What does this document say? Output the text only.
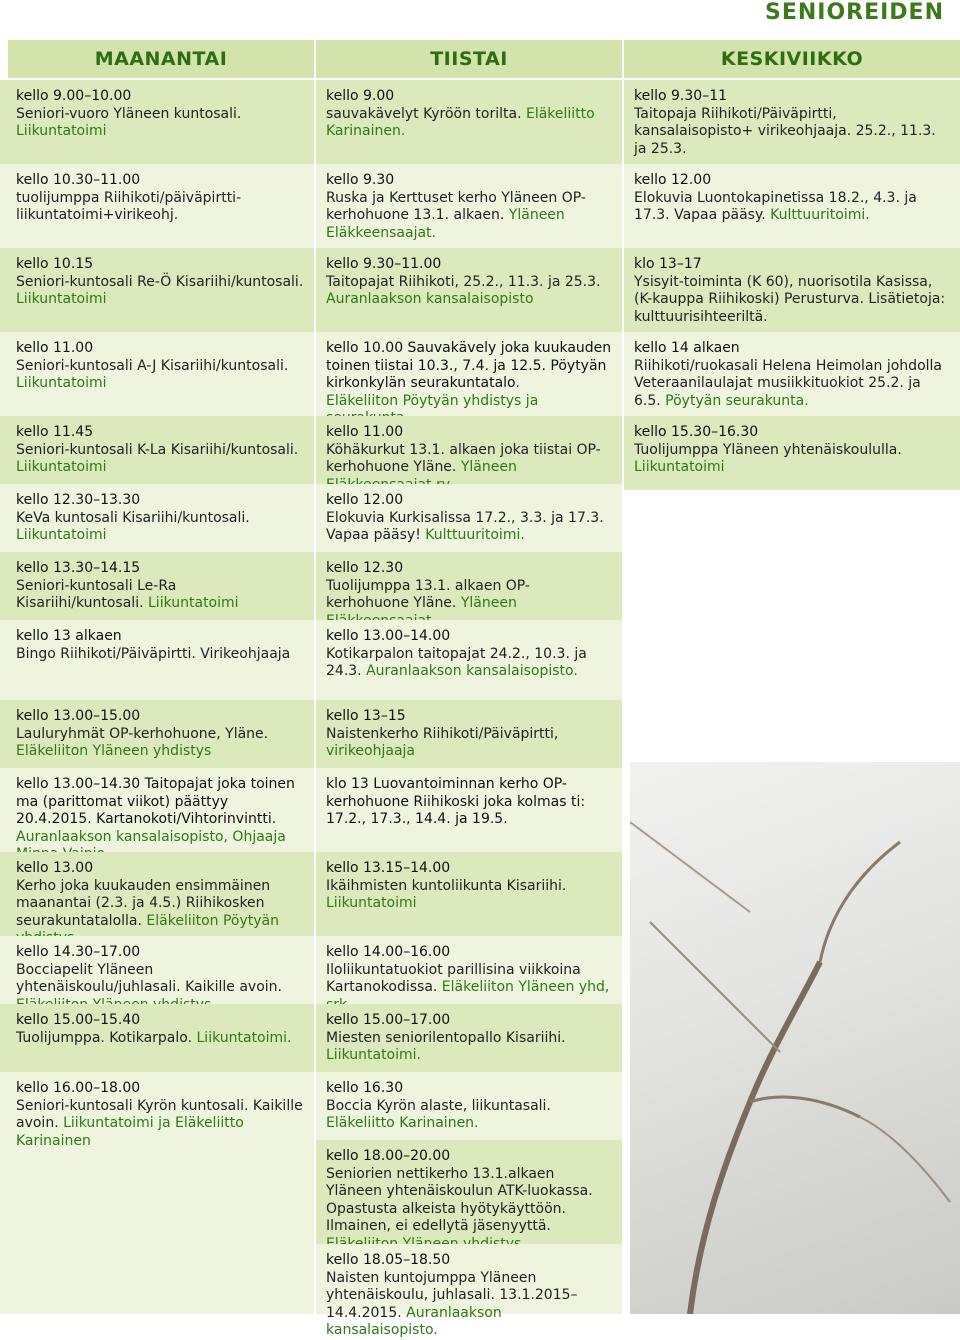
SENIOREIDEN
MAANANTAI	TIISTAI	KESKIVIIKKO
kello 9.00–10.00
Seniori-vuoro Yläneen kuntosali. Liikuntatoimi
kello 10.30–11.00
tuolijumppa Riihikoti/päiväpirtti-liikuntatoimi+virikeohj.
kello 10.15
Seniori-kuntosali Re-Ö Kisariihi/kuntosali. Liikuntatoimi
kello 11.00
Seniori-kuntosali A-J Kisariihi/kuntosali. Liikuntatoimi
kello 11.45
Seniori-kuntosali K-La Kisariihi/kuntosali. Liikuntatoimi
kello 12.30–13.30
KeVa kuntosali Kisariihi/kuntosali. Liikuntatoimi
kello 13.30–14.15
Seniori-kuntosali Le-Ra Kisariihi/kuntosali. Liikuntatoimi
kello 13 alkaen
Bingo Riihikoti/Päiväpirtti. Virikeohjaaja
kello 9.00
sauvakävelyt Kyröön torilta. Eläkeliitto Karinainen.
kello 9.30
Ruska ja Kerttuset kerho Yläneen OP-kerhohuone 13.1. alkaen. Yläneen Eläkkeensaajat.
kello 9.30–11.00
Taitopajat Riihikoti, 25.2., 11.3. ja 25.3. Auranlaakson kansalaisopisto
kello 10.00 Sauvakävely joka kuukauden toinen tiistai 10.3., 7.4. ja 12.5. Pöytyän kirkonkylän seurakuntatalo.
Eläkeliiton Pöytyän yhdistys ja
kello 11.00
Köhäkurkut 13.1. alkaen joka tiistai OP-kerhohuone Yläne. Yläneen
kello 12.00
Elokuvia Kurkisalissa 17.2., 3.3. ja 17.3. Vapaa pääsy! Kulttuuritoimi.
kello 12.30
Tuolijumppa 13.1. alkaen OP-kerhohuone Yläne. Yläneen
kello 13.00–14.00
Kotikarpalon taitopajat 24.2., 10.3. ja 24.3. Auranlaakson kansalaisopisto.
kello 9.30–11
Taitopaja Riihikoti/Päiväpirtti, kansalaisopisto+ virikeohjaaja. 25.2., 11.3. ja 25.3.
kello 12.00
Elokuvia Luontokapinetissa 18.2., 4.3. ja 17.3. Vapaa pääsy. Kulttuuritoimi.
klo 13–17
Ysisyit-toiminta (K 60), nuorisotila Kasissa, (K-kauppa Riihikoski) Perusturva. Lisätietoja: kulttuurisihteeriltä.
kello 14 alkaen
Riihikoti/ruokasali Helena Heimolan johdolla Veteraanilaulajat musiikkituokiot 25.2. ja 6.5. Pöytyän seurakunta.
kello 15.30–16.30
Tuolijumppa Yläneen yhtenäiskoululla. Liikuntatoimi
kello 13.00–15.00
Lauluryhmät OP-kerhohuone, Yläne. Eläkeliiton Yläneen yhdistys
kello 13.00–14.30 Taitopajat joka toinen ma (parittomat viikot) päättyy 20.4.2015. Kartanokoti/Vihtorinvintti.
Auranlaakson kansalaisopisto, Ohjaaja
kello 13.00
Kerho joka kuukauden ensimmäinen maanantai (2.3. ja 4.5.) Riihikosken seurakuntatalolla. Eläkeliiton Pöytyän
kello 14.30–17.00
Bocciapelit Yläneen yhtenäiskoulu/juhlasali. Kaikille avoin.
kello 15.00–15.40
Tuolijumppa. Kotikarpalo. Liikuntatoimi.
kello 16.00–18.00
Seniori-kuntosali Kyrön kuntosali. Kaikille avoin. Liikuntatoimi ja Eläkeliitto Karinainen
kello 13–15
Naistenkerho Riihikoti/Päiväpirtti, virikeohjaaja
klo 13 Luovantoiminnan kerho OP-kerhohuone Riihikoski joka kolmas ti: 17.2., 17.3., 14.4. ja 19.5.
kello 13.15–14.00
Ikäihmisten kuntoliikunta Kisariihi. Liikuntatoimi
kello 14.00–16.00
Iloliikuntatuokiot parillisina viikkoina Kartanokodissa. Eläkeliiton Yläneen yhd,
kello 15.00–17.00
Miesten seniorilentopallo Kisariihi. Liikuntatoimi.
kello 16.30
Boccia Kyrön alaste, liikuntasali. Eläkeliitto Karinainen.
kello 18.00–20.00
Seniorien nettikerho 13.1.alkaen Yläneen yhtenäiskoulun ATK-luokassa. Opastusta alkeista hyötykäyttöön. Ilmainen, ei edellytä jäsenyyttä.
kello 18.05–18.50
Naisten kuntojumppa Yläneen yhtenäiskoulu, juhlasali. 13.1.2015–14.4.2015. Auranlaakson kansalaisopisto.
